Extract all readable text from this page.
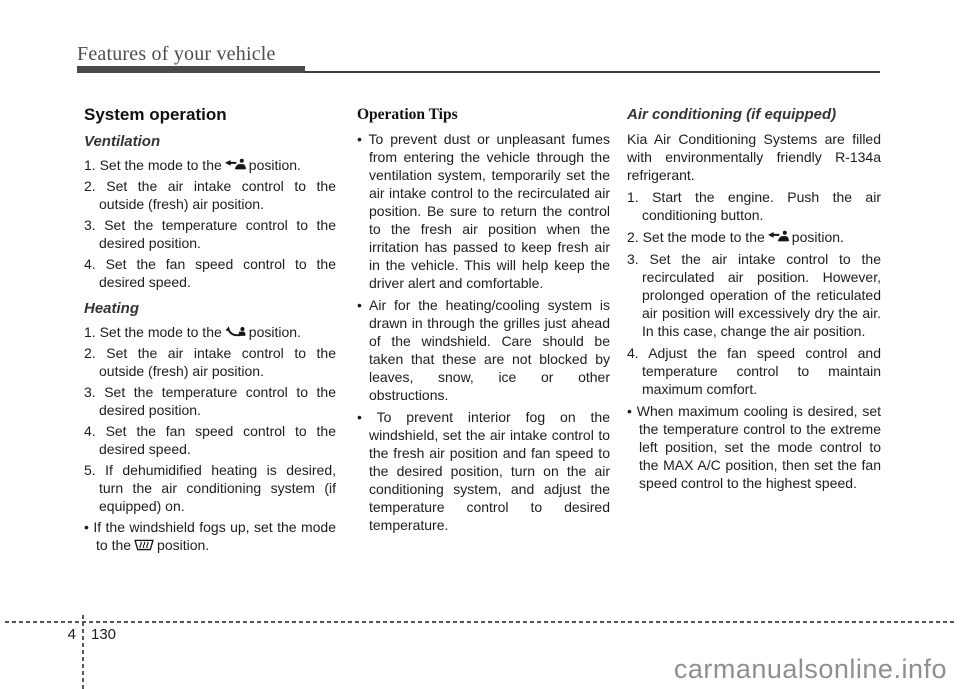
Features of your vehicle
System operation
Ventilation
1. Set the mode to the position.
2. Set the air intake control to the outside (fresh) air position.
3. Set the temperature control to the desired position.
4. Set the fan speed control to the desired speed.
Heating
1. Set the mode to the position.
2. Set the air intake control to the outside (fresh) air position.
3. Set the temperature control to the desired position.
4. Set the fan speed control to the desired speed.
5. If dehumidified heating is desired, turn the air conditioning system (if equipped) on.
• If the windshield fogs up, set the mode to the position.
Operation Tips
• To prevent dust or unpleasant fumes from entering the vehicle through the ventilation system, temporarily set the air intake control to the recirculated air position. Be sure to return the control to the fresh air position when the irritation has passed to keep fresh air in the vehicle. This will help keep the driver alert and comfortable.
• Air for the heating/cooling system is drawn in through the grilles just ahead of the windshield. Care should be taken that these are not blocked by leaves, snow, ice or other obstructions.
• To prevent interior fog on the windshield, set the air intake control to the fresh air position and fan speed to the desired position, turn on the air conditioning system, and adjust the temperature control to desired temperature.
Air conditioning (if equipped)

Kia Air Conditioning Systems are filled with environmentally friendly R-134a refrigerant.

1. Start the engine. Push the air conditioning button.
2. Set the mode to the position.
3. Set the air intake control to the recirculated air position. However, prolonged operation of the reticulated air position will excessively dry the air. In this case, change the air position.
4. Adjust the fan speed control and temperature control to maintain maximum comfort.
• When maximum cooling is desired, set the temperature control to the extreme left position, set the mode control to the MAX A/C position, then set the fan speed control to the highest speed.
4 130
carmanualsonline.info
